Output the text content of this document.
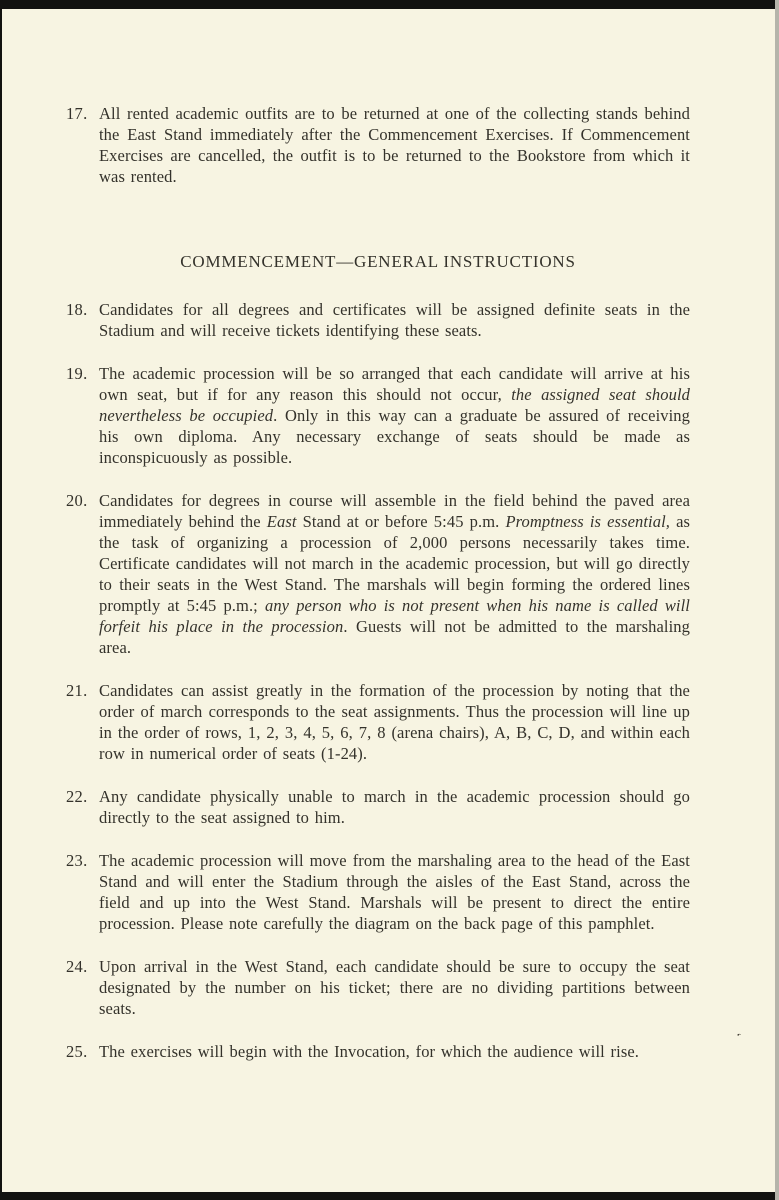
17. All rented academic outfits are to be returned at one of the collecting stands behind the East Stand immediately after the Commencement Exercises. If Commencement Exercises are cancelled, the outfit is to be returned to the Bookstore from which it was rented.

COMMENCEMENT—GENERAL INSTRUCTIONS
18. Candidates for all degrees and certificates will be assigned definite seats in the Stadium and will receive tickets identifying these seats.

19. The academic procession will be so arranged that each candidate will arrive at his own seat, but if for any reason this should not occur, the assigned seat should nevertheless be occupied. Only in this way can a graduate be assured of receiving his own diploma. Any necessary exchange of seats should be made as inconspicuously as possible.

20. Candidates for degrees in course will assemble in the field behind the paved area immediately behind the East Stand at or before 5:45 p.m. Promptness is essential, as the task of organizing a procession of 2,000 persons necessarily takes time. Certificate candidates will not march in the academic procession, but will go directly to their seats in the West Stand. The marshals will begin forming the ordered lines promptly at 5:45 p.m.; any person who is not present when his name is called will forfeit his place in the procession. Guests will not be admitted to the marshaling area.

21. Candidates can assist greatly in the formation of the procession by noting that the order of march corresponds to the seat assignments. Thus the procession will line up in the order of rows, 1, 2, 3, 4, 5, 6, 7, 8 (arena chairs), A, B, C, D, and within each row in numerical order of seats (1-24).

22. Any candidate physically unable to march in the academic procession should go directly to the seat assigned to him.

23. The academic procession will move from the marshaling area to the head of the East Stand and will enter the Stadium through the aisles of the East Stand, across the field and up into the West Stand. Marshals will be present to direct the entire procession. Please note carefully the diagram on the back page of this pamphlet.

24. Upon arrival in the West Stand, each candidate should be sure to occupy the seat designated by the number on his ticket; there are no dividing partitions between seats.

25. The exercises will begin with the Invocation, for which the audience will rise.

,
